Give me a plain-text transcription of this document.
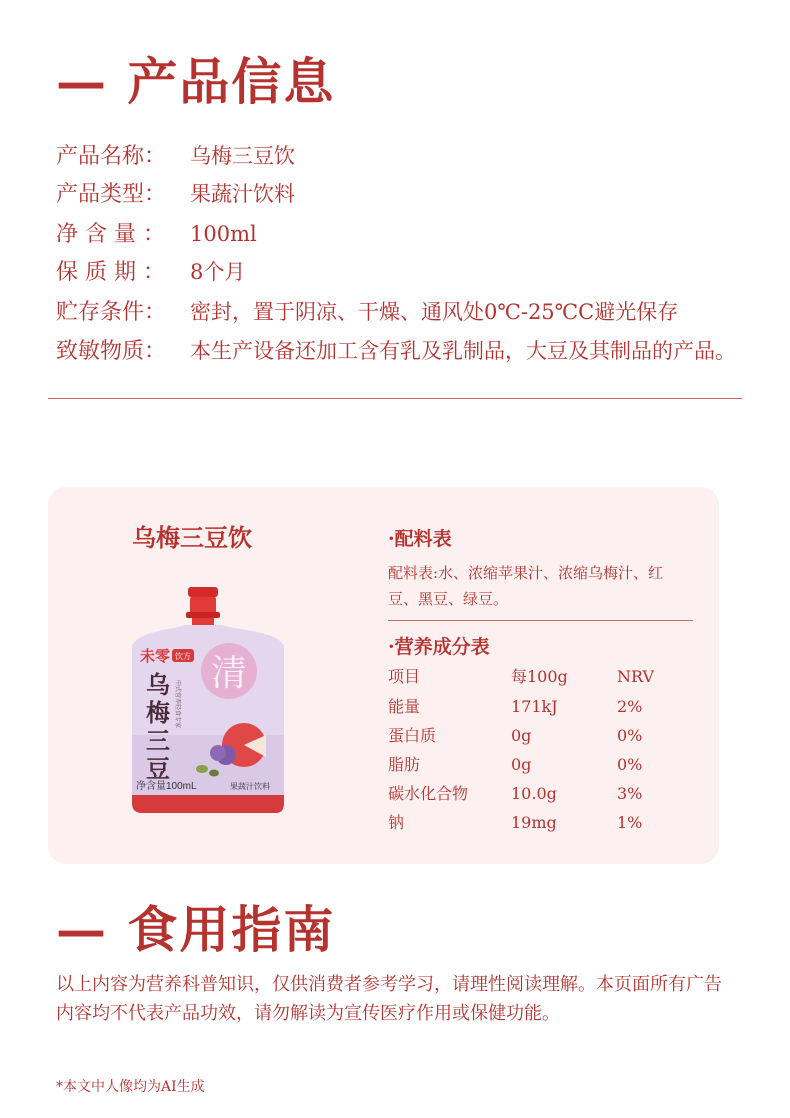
— 产品信息
产品名称： 乌梅三豆饮
产品类型： 果蔬汁饮料
净 含 量 ： 100ml
保 质 期 ： 8个月
贮存条件： 密封，置于阴凉、干燥、通风处0℃-25℃C避光保存
致敏物质： 本生产设备还加工含有乳及乳制品，大豆及其制品的产品。
乌梅三豆饮
清
未零 饮方
乌
梅
三
豆
中式营养轻食专家
净含量100mL	果蔬汁饮料
·配料表
配料表:水、浓缩苹果汁、浓缩乌梅汁、红豆、黑豆、绿豆。
·营养成分表
项目	每100g	NRV
能量	171kJ	2%
蛋白质	0g	0%
脂肪	0g	0%
碳水化合物	10.0g	3%
钠	19mg	1%
— 食用指南
以上内容为营养科普知识，仅供消费者参考学习，请理性阅读理解。本页面所有广告内容均不代表产品功效，请勿解读为宣传医疗作用或保健功能。
*本文中人像均为AI生成
